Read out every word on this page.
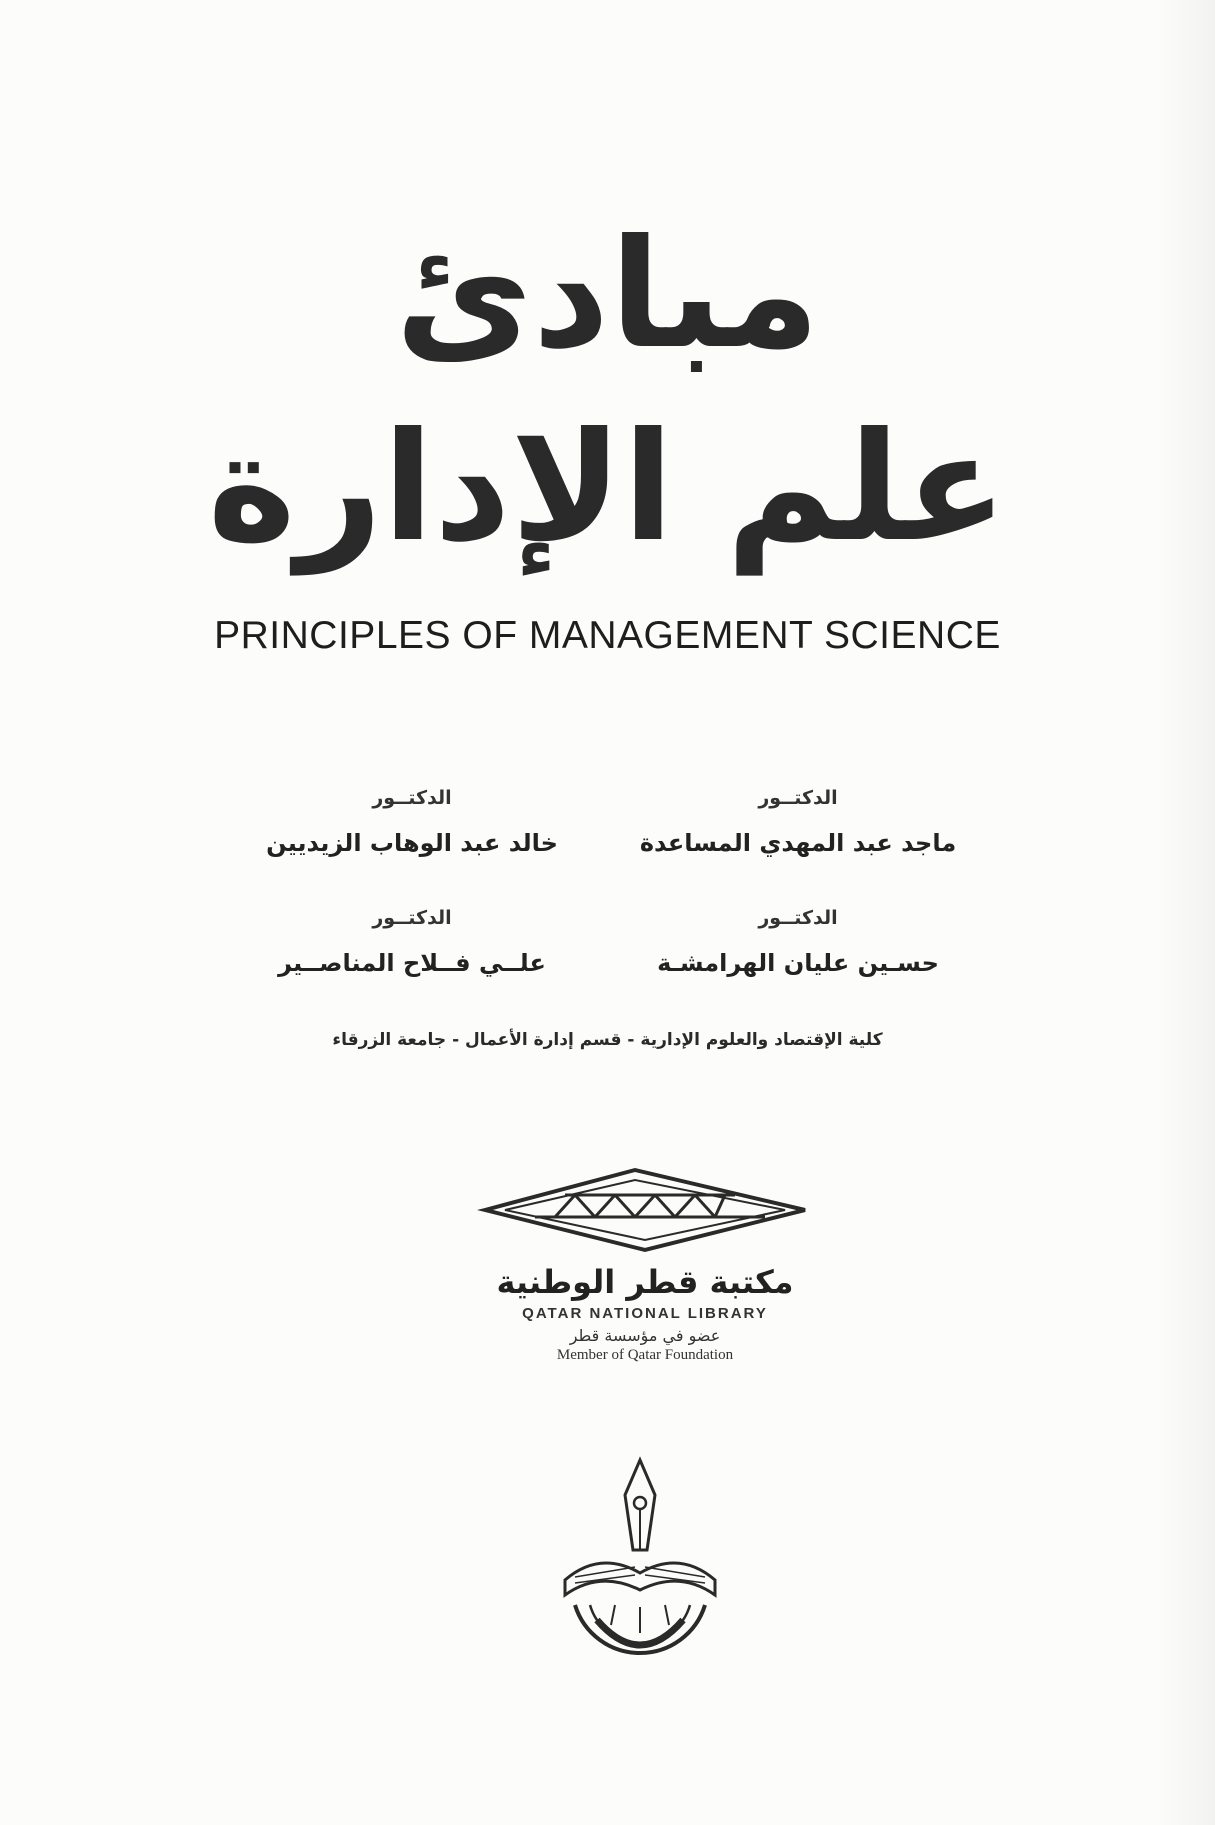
مبادئ
علم الإدارة
PRINCIPLES OF MANAGEMENT SCIENCE
الدكتــور
ماجد عبد المهدي المساعدة
الدكتــور
خالد عبد الوهاب الزيديين
الدكتــور
حسـين عليان الهرامشـة
الدكتــور
علــي فــلاح المناصــير
كلية الإقتصاد والعلوم الإدارية - قسم إدارة الأعمال - جامعة الزرقاء
مكتبة قطر الوطنية
QATAR NATIONAL LIBRARY
عضو في مؤسسة قطر
Member of Qatar Foundation
